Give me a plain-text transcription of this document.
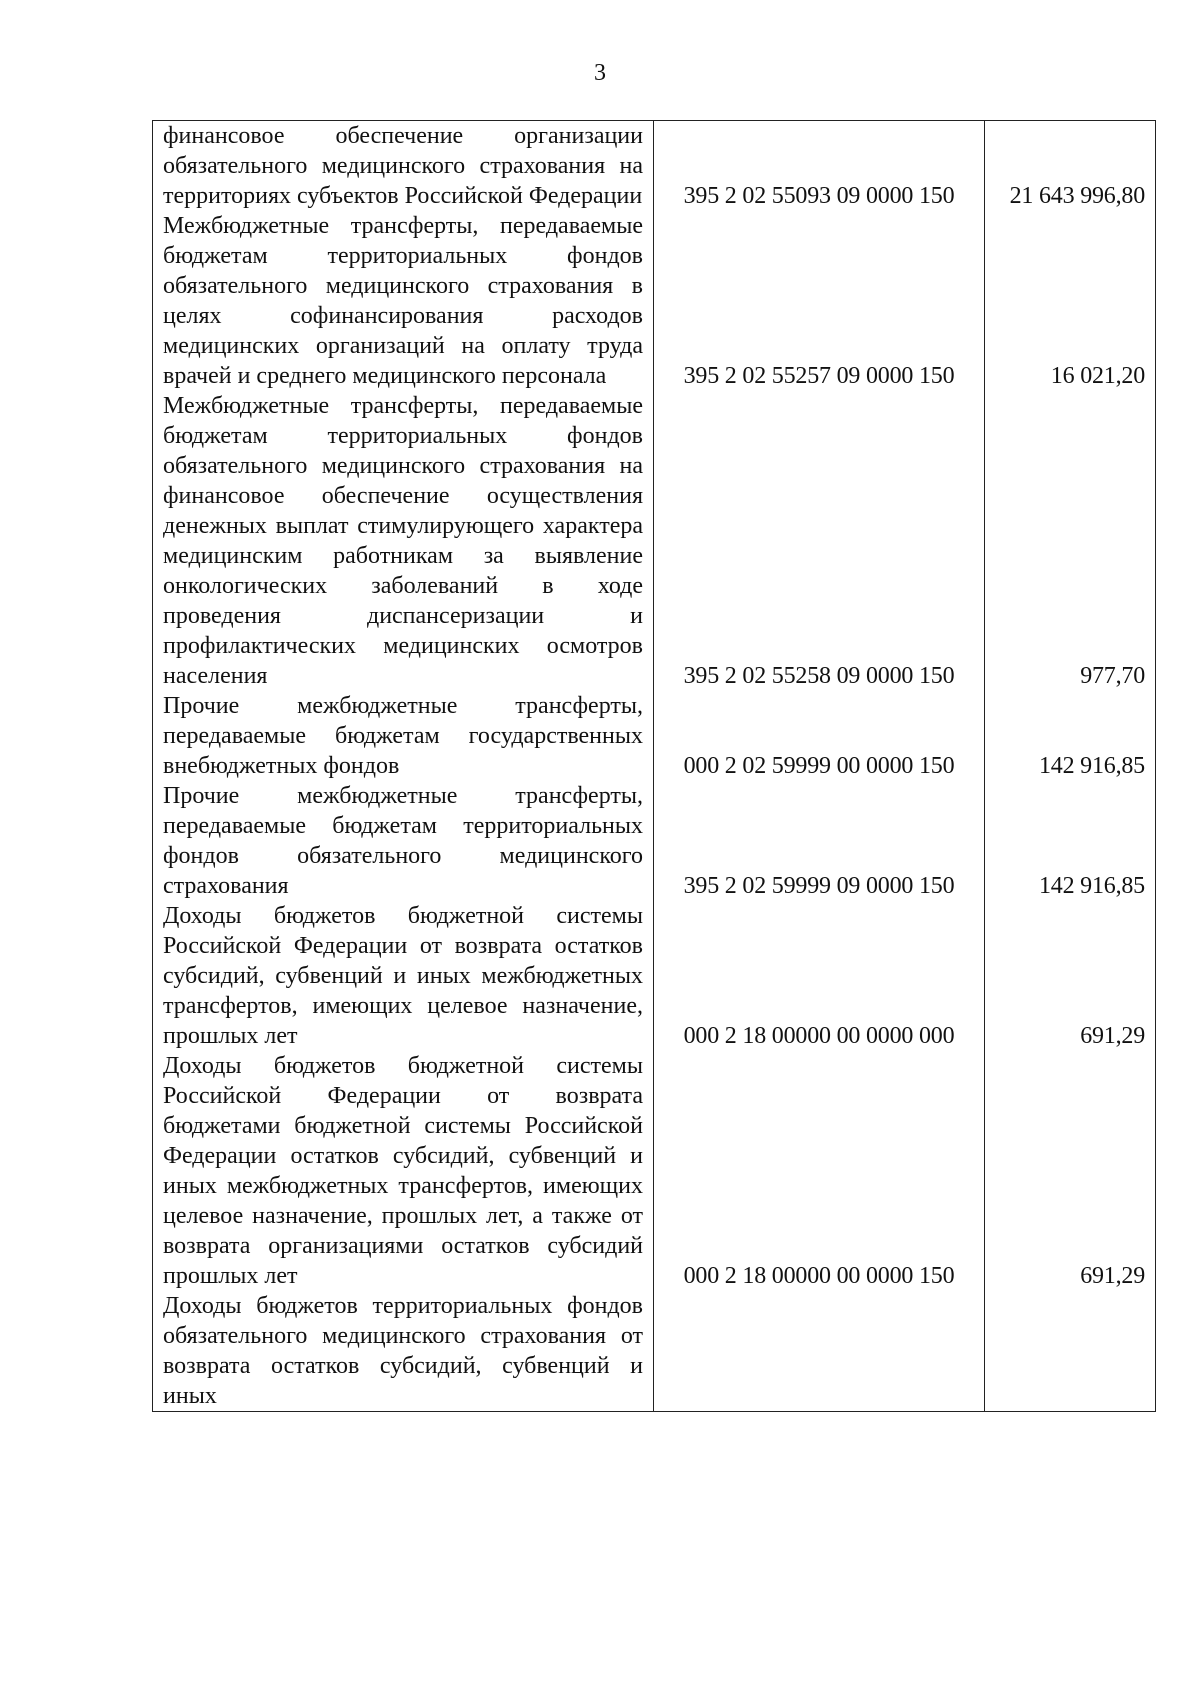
3
финансовое обеспечение организации обязательного медицинского страхования на территориях субъектов Российской Федерации	395 2 02 55093 09 0000 150	21 643 996,80
Межбюджетные трансферты, передаваемые бюджетам территориальных фондов обязательного медицинского страхования в целях софинансирования расходов медицинских организаций на оплату труда врачей и среднего медицинского персонала	395 2 02 55257 09 0000 150	16 021,20
Межбюджетные трансферты, передаваемые бюджетам территориальных фондов обязательного медицинского страхования на финансовое обеспечение осуществления денежных выплат стимулирующего характера медицинским работникам за выявление онкологических заболеваний в ходе проведения диспансеризации и профилактических медицинских осмотров населения	395 2 02 55258 09 0000 150	977,70
Прочие межбюджетные трансферты, передаваемые бюджетам государственных внебюджетных фондов	000 2 02 59999 00 0000 150	142 916,85
Прочие межбюджетные трансферты, передаваемые бюджетам территориальных фондов обязательного медицинского страхования	395 2 02 59999 09 0000 150	142 916,85
Доходы бюджетов бюджетной системы Российской Федерации от возврата остатков субсидий, субвенций и иных межбюджетных трансфертов, имеющих целевое назначение, прошлых лет	000 2 18 00000 00 0000 000	691,29
Доходы бюджетов бюджетной системы Российской Федерации от возврата бюджетами бюджетной системы Российской Федерации остатков субсидий, субвенций и иных межбюджетных трансфертов, имеющих целевое назначение, прошлых лет, а также от возврата организациями остатков субсидий прошлых лет	000 2 18 00000 00 0000 150	691,29
Доходы бюджетов территориальных фондов обязательного медицинского страхования от возврата остатков субсидий, субвенций и иных		
